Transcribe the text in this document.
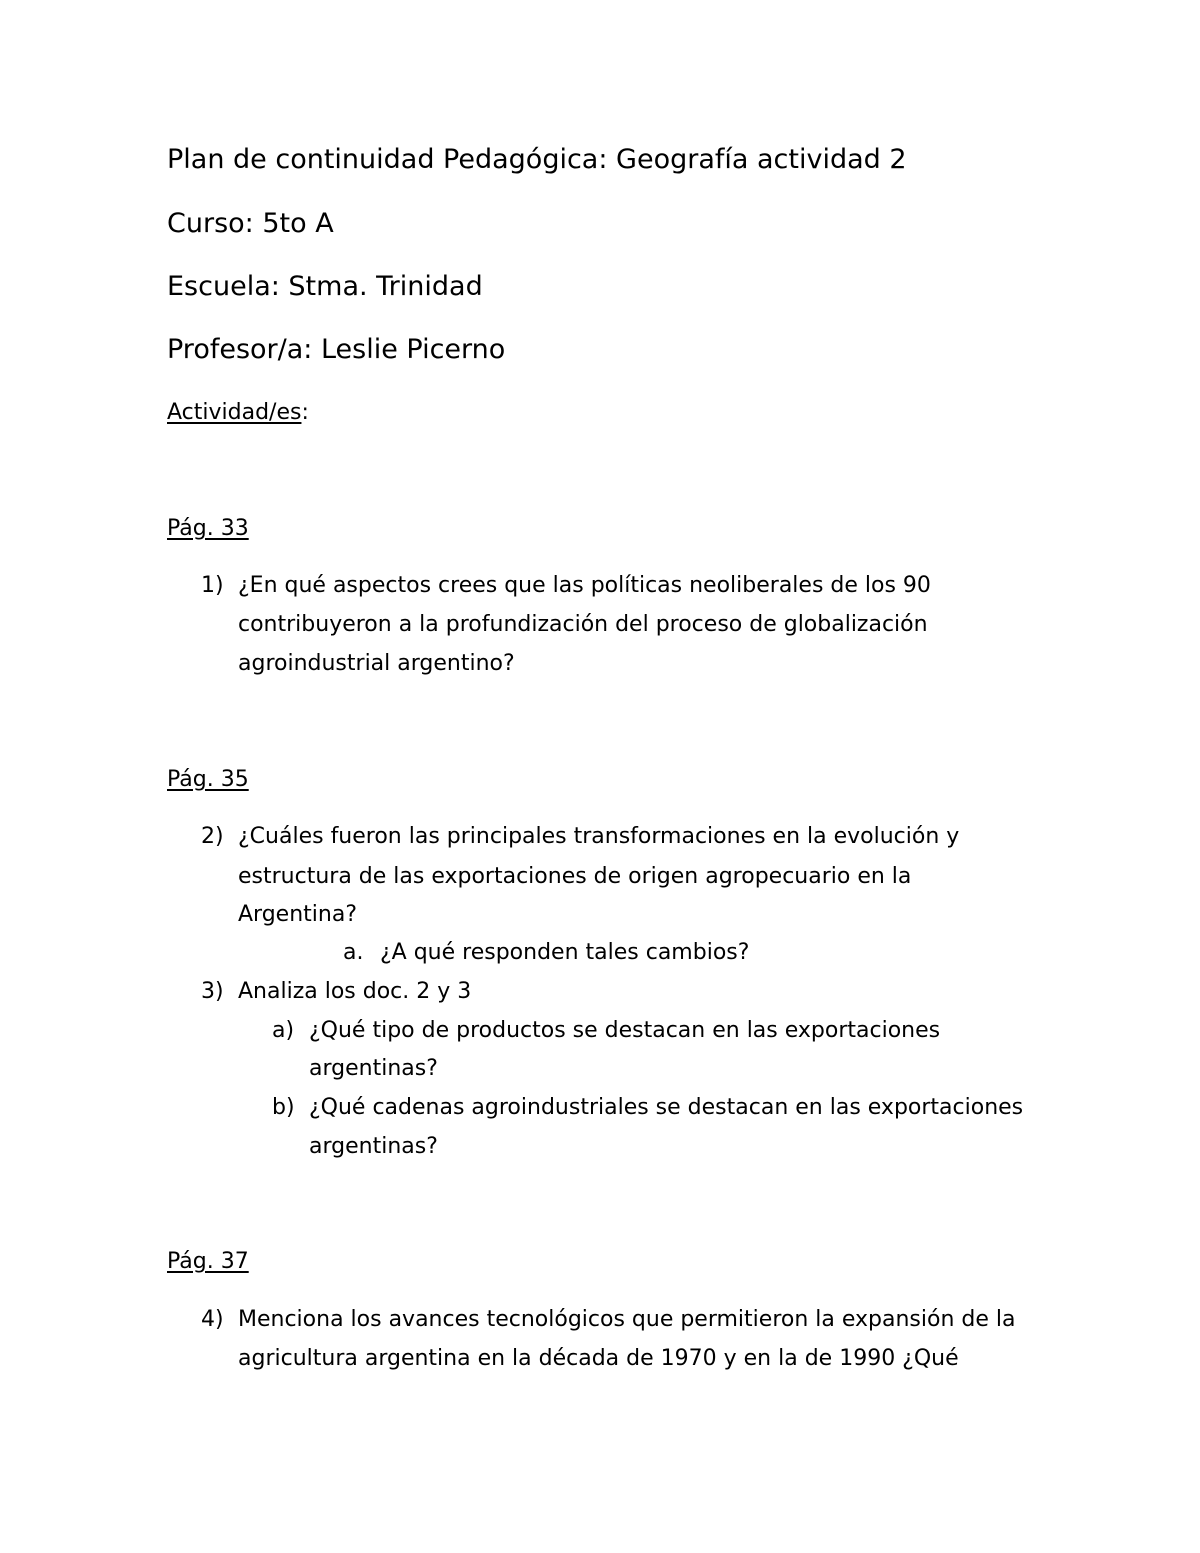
Plan de continuidad Pedagógica: Geografía actividad 2
Curso: 5to A
Escuela: Stma. Trinidad
Profesor/a: Leslie Picerno
Actividad/es:
Pág. 33
1) ¿En qué aspectos crees que las políticas neoliberales de los 90
contribuyeron a la profundización del proceso de globalización
agroindustrial argentino?
Pág. 35
2) ¿Cuáles fueron las principales transformaciones en la evolución y
estructura de las exportaciones de origen agropecuario en la
Argentina?
a. ¿A qué responden tales cambios?
3) Analiza los doc. 2 y 3
a) ¿Qué tipo de productos se destacan en las exportaciones
argentinas?
b) ¿Qué cadenas agroindustriales se destacan en las exportaciones
argentinas?
Pág. 37
4) Menciona los avances tecnológicos que permitieron la expansión de la
agricultura argentina en la década de 1970 y en la de 1990 ¿Qué
